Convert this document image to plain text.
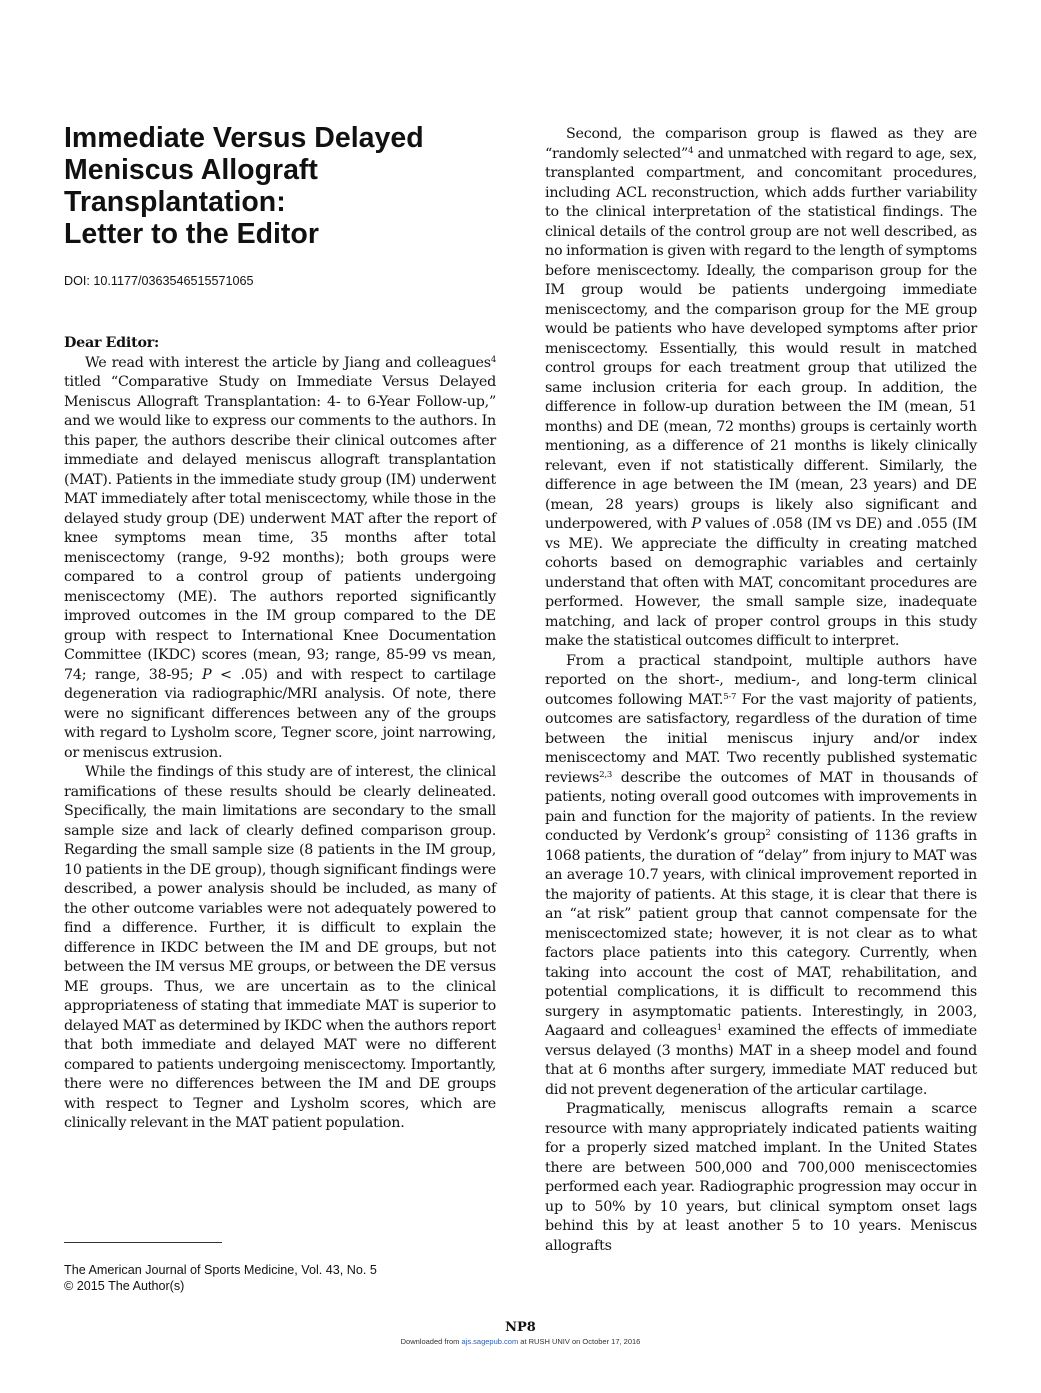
Immediate Versus Delayed
Meniscus Allograft
Transplantation:
Letter to the Editor
DOI: 10.1177/0363546515571065
Dear Editor:

We read with interest the article by Jiang and colleagues$^4$ titled “Comparative Study on Immediate Versus Delayed Meniscus Allograft Transplantation: 4- to 6-Year Follow-up,” and we would like to express our comments to the authors. In this paper, the authors describe their clinical outcomes after immediate and delayed meniscus allograft transplantation (MAT). Patients in the immediate study group (IM) underwent MAT immediately after total meniscectomy, while those in the delayed study group (DE) underwent MAT after the report of knee symptoms mean time, 35 months after total meniscectomy (range, 9-92 months); both groups were compared to a control group of patients undergoing meniscectomy (ME). The authors reported significantly improved outcomes in the IM group compared to the DE group with respect to International Knee Documentation Committee (IKDC) scores (mean, 93; range, 85-99 vs mean, 74; range, 38-95; P < .05) and with respect to cartilage degeneration via radiographic/MRI analysis. Of note, there were no significant differences between any of the groups with regard to Lysholm score, Tegner score, joint narrowing, or meniscus extrusion.

While the findings of this study are of interest, the clinical ramifications of these results should be clearly delineated. Specifically, the main limitations are secondary to the small sample size and lack of clearly defined comparison group. Regarding the small sample size (8 patients in the IM group, 10 patients in the DE group), though significant findings were described, a power analysis should be included, as many of the other outcome variables were not adequately powered to find a difference. Further, it is difficult to explain the difference in IKDC between the IM and DE groups, but not between the IM versus ME groups, or between the DE versus ME groups. Thus, we are uncertain as to the clinical appropriateness of stating that immediate MAT is superior to delayed MAT as determined by IKDC when the authors report that both immediate and delayed MAT were no different compared to patients undergoing meniscectomy. Importantly, there were no differences between the IM and DE groups with respect to Tegner and Lysholm scores, which are clinically relevant in the MAT patient population.

Second, the comparison group is flawed as they are “randomly selected”$^4$ and unmatched with regard to age, sex, transplanted compartment, and concomitant procedures, including ACL reconstruction, which adds further variability to the clinical interpretation of the statistical findings. The clinical details of the control group are not well described, as no information is given with regard to the length of symptoms before meniscectomy. Ideally, the comparison group for the IM group would be patients undergoing immediate meniscectomy, and the comparison group for the ME group would be patients who have developed symptoms after prior meniscectomy. Essentially, this would result in matched control groups for each treatment group that utilized the same inclusion criteria for each group. In addition, the difference in follow-up duration between the IM (mean, 51 months) and DE (mean, 72 months) groups is certainly worth mentioning, as a difference of 21 months is likely clinically relevant, even if not statistically different. Similarly, the difference in age between the IM (mean, 23 years) and DE (mean, 28 years) groups is likely also significant and underpowered, with P values of .058 (IM vs DE) and .055 (IM vs ME). We appreciate the difficulty in creating matched cohorts based on demographic variables and certainly understand that often with MAT, concomitant procedures are performed. However, the small sample size, inadequate matching, and lack of proper control groups in this study make the statistical outcomes difficult to interpret.

From a practical standpoint, multiple authors have reported on the short-, medium-, and long-term clinical outcomes following MAT.$^{5-7}$ For the vast majority of patients, outcomes are satisfactory, regardless of the duration of time between the initial meniscus injury and/or index meniscectomy and MAT. Two recently published systematic reviews$^{2,3}$ describe the outcomes of MAT in thousands of patients, noting overall good outcomes with improvements in pain and function for the majority of patients. In the review conducted by Verdonk’s group$^2$ consisting of 1136 grafts in 1068 patients, the duration of “delay” from injury to MAT was an average 10.7 years, with clinical improvement reported in the majority of patients. At this stage, it is clear that there is an “at risk” patient group that cannot compensate for the meniscectomized state; however, it is not clear as to what factors place patients into this category. Currently, when taking into account the cost of MAT, rehabilitation, and potential complications, it is difficult to recommend this surgery in asymptomatic patients. Interestingly, in 2003, Aagaard and colleagues$^1$ examined the effects of immediate versus delayed (3 months) MAT in a sheep model and found that at 6 months after surgery, immediate MAT reduced but did not prevent degeneration of the articular cartilage.

Pragmatically, meniscus allografts remain a scarce resource with many appropriately indicated patients waiting for a properly sized matched implant. In the United States there are between 500,000 and 700,000 meniscectomies performed each year. Radiographic progression may occur in up to 50% by 10 years, but clinical symptom onset lags behind this by at least another 5 to 10 years. Meniscus allografts

The American Journal of Sports Medicine, Vol. 43, No. 5
© 2015 The Author(s)
NP8
Downloaded from ajs.sagepub.com at RUSH UNIV on October 17, 2016
